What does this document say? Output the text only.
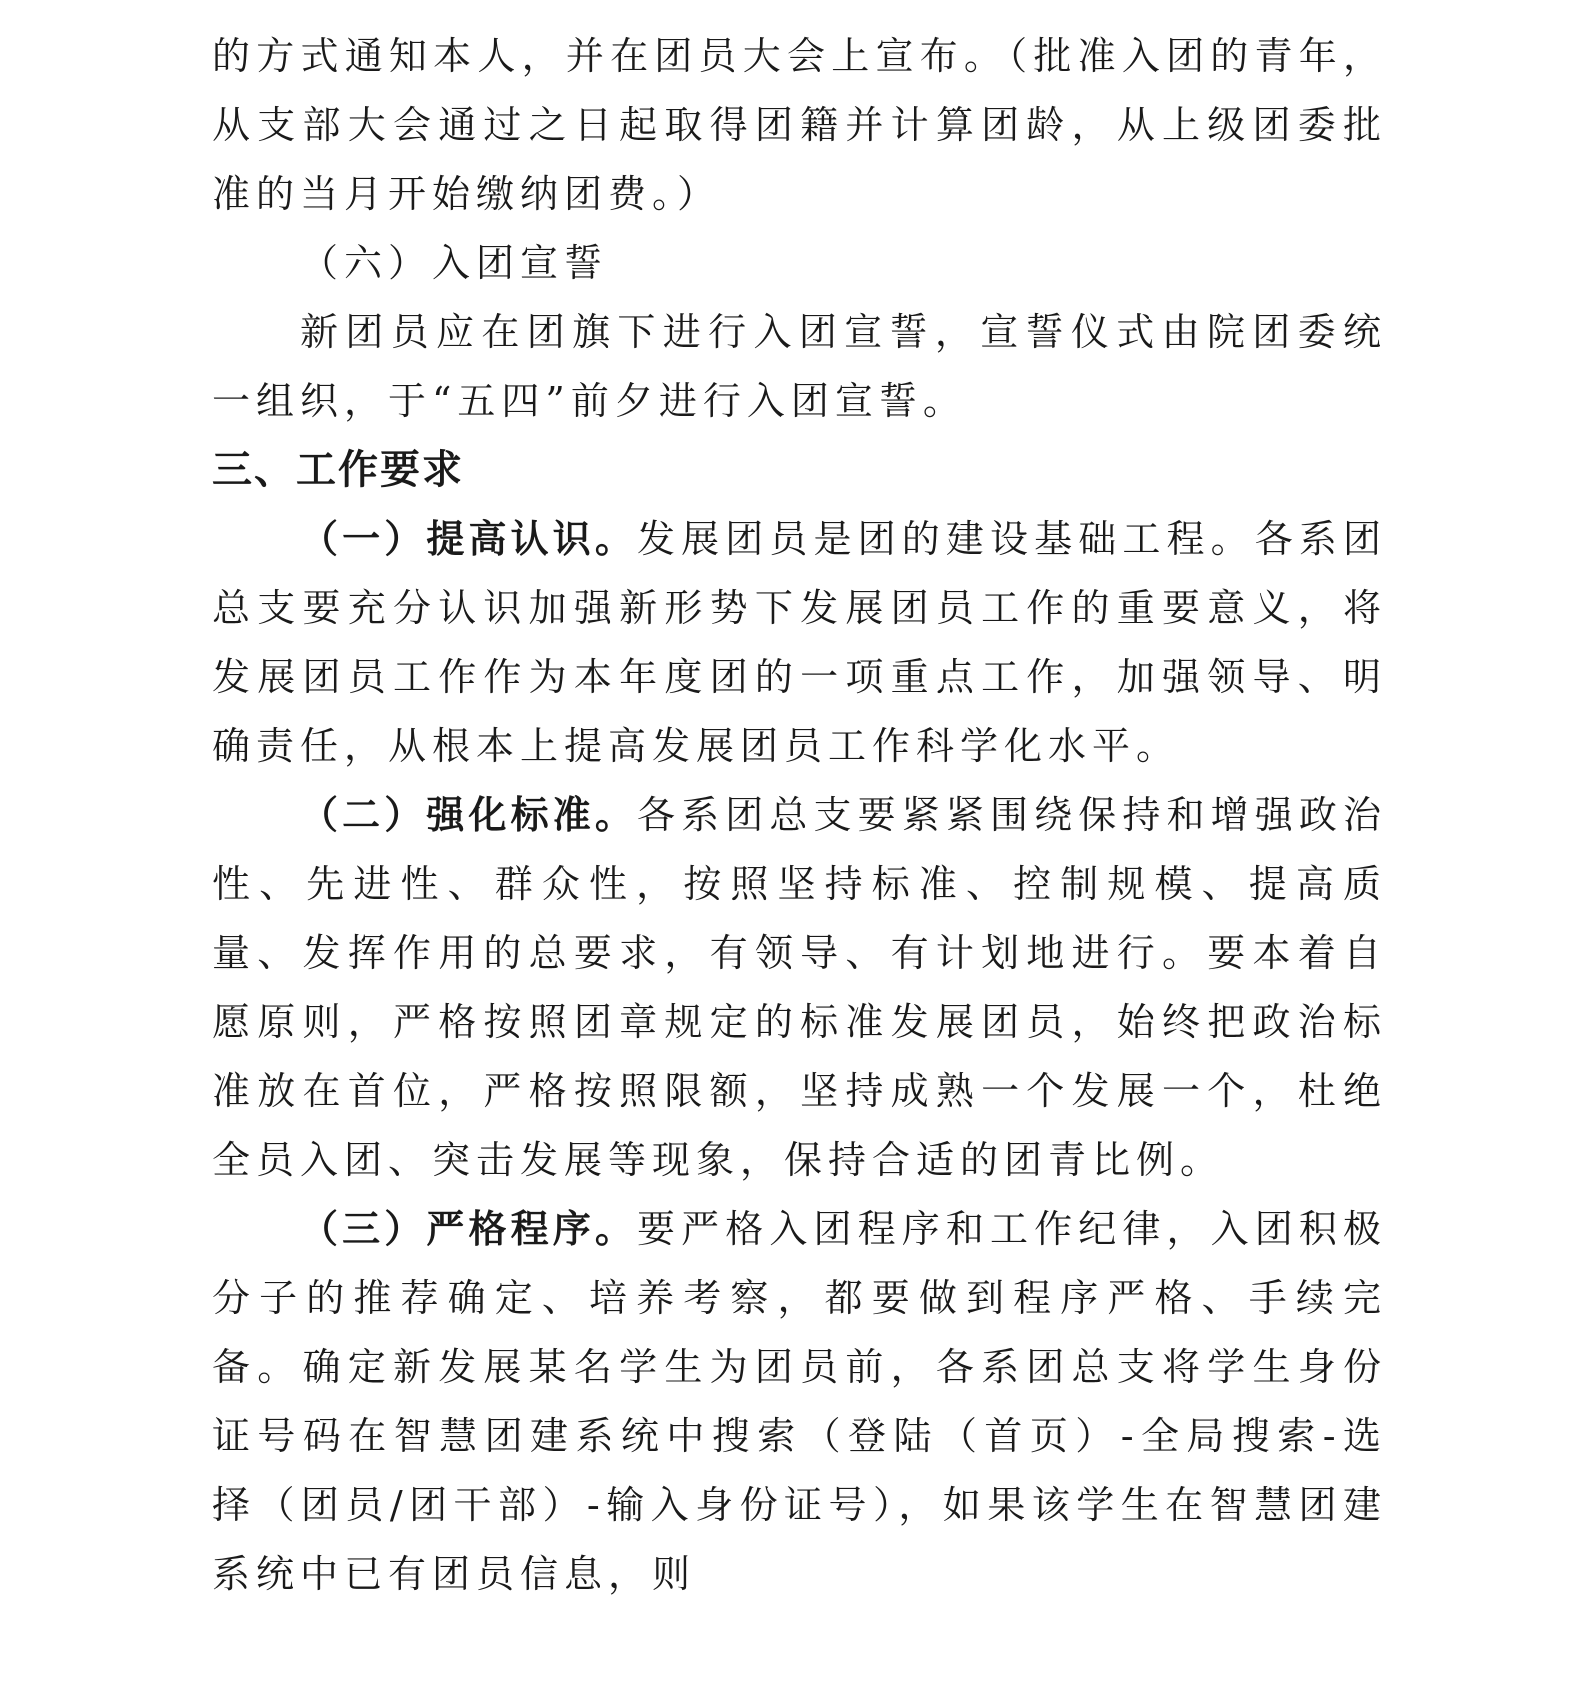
的方式通知本人，并在团员大会上宣布。（批准入团的青年，从支部大会通过之日起取得团籍并计算团龄，从上级团委批准的当月开始缴纳团费。）

（六）入团宣誓

新团员应在团旗下进行入团宣誓，宣誓仪式由院团委统一组织，于“五四”前夕进行入团宣誓。

三、工作要求

（一）提高认识。发展团员是团的建设基础工程。各系团总支要充分认识加强新形势下发展团员工作的重要意义，将发展团员工作作为本年度团的一项重点工作，加强领导、明确责任，从根本上提高发展团员工作科学化水平。

（二）强化标准。各系团总支要紧紧围绕保持和增强政治性、先进性、群众性，按照坚持标准、控制规模、提高质量、发挥作用的总要求，有领导、有计划地进行。要本着自愿原则，严格按照团章规定的标准发展团员，始终把政治标准放在首位，严格按照限额，坚持成熟一个发展一个，杜绝全员入团、突击发展等现象，保持合适的团青比例。

（三）严格程序。要严格入团程序和工作纪律，入团积极分子的推荐确定、培养考察，都要做到程序严格、手续完备。确定新发展某名学生为团员前，各系团总支将学生身份证号码在智慧团建系统中搜索（登陆（首页）-全局搜索-选择（团员/团干部）-输入身份证号），如果该学生在智慧团建系统中已有团员信息，则
